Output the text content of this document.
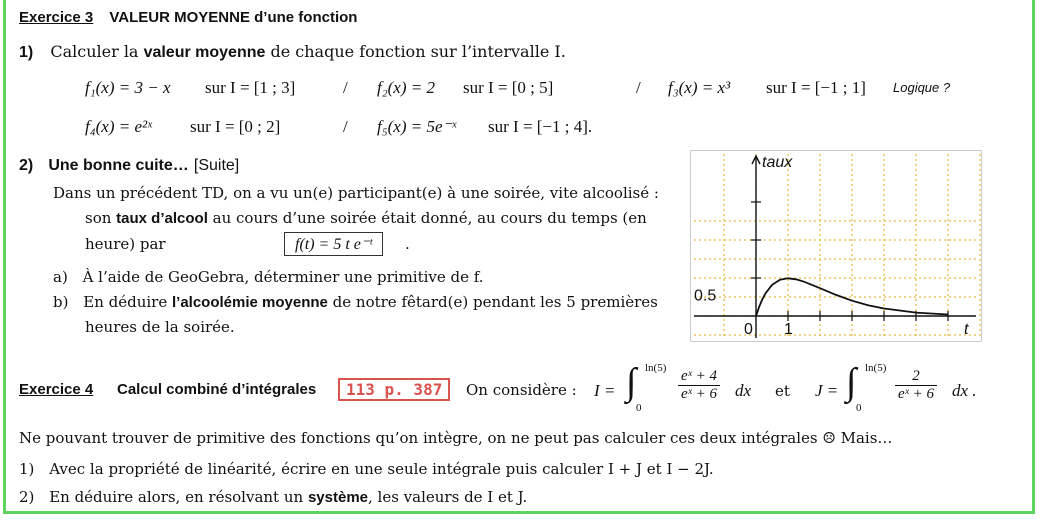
Exercice 3 VALEUR MOYENNE d’une fonction
1) Calculer la valeur moyenne de chaque fonction sur l’intervalle I.
f₁(x) = 3 − x sur I = [1 ; 3]	/ f₂(x) = 2 sur I = [0 ; 5]	/ f₃(x) = x³ sur I = [−1 ; 1] Logique ?
f₄(x) = e²ˣ sur I = [0 ; 2]	/ f₅(x) = 5e⁻ˣ sur I = [−1 ; 4].
2) Une bonne cuite… [Suite]
Dans un précédent TD, on a vu un(e) participant(e) à une soirée, vite alcoolisé :
son taux d’alcool au cours d’une soirée était donné, au cours du temps (en
heure) par	f(t) = 5 t e⁻ᵗ	.
a) À l’aide de GeoGebra, déterminer une primitive de f.
b) En déduire l’alcoolémie moyenne de notre fêtard(e) pendant les 5 premières
heures de la soirée.
taux
t
0 1
0.5
Exercice 4 Calcul combiné d’intégrales	113 p. 387	On considère : I = ∫ ln(5)
0
$\frac{\text{eˣ + 4}}{\text{eˣ + 6}}$ dx et J = ∫ ln(5)
0
$\frac{2}{\text{eˣ + 6}}$ dx .
Ne pouvant trouver de primitive des fonctions qu’on intègre, on ne peut pas calculer ces deux intégrales ☹ Mais…
1) Avec la propriété de linéarité, écrire en une seule intégrale puis calculer I + J et I − 2J.
2) En déduire alors, en résolvant un système, les valeurs de I et J.
